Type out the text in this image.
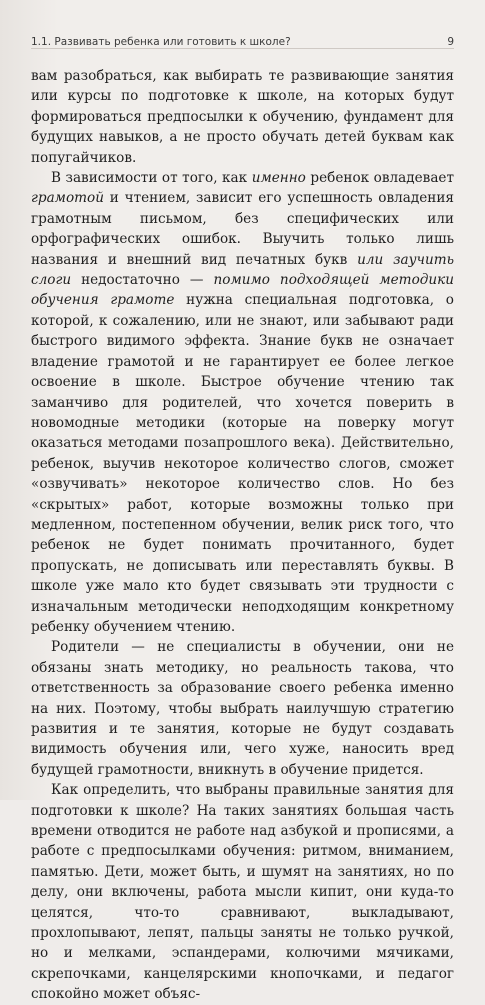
1.1. Развивать ребенка или готовить к школе?	9

вам разобраться, как выбирать те развивающие занятия или курсы по подготовке к школе, на которых будут формироваться предпосылки к обучению, фундамент для будущих навыков, а не просто обучать детей буквам как попугайчиков.

В зависимости от того, как именно ребенок овладевает грамотой и чтением, зависит его успешность овладения грамотным письмом, без специфических или орфографических ошибок. Выучить только лишь названия и внешний вид печатных букв или заучить слоги недостаточно — помимо подходящей методики обучения грамоте нужна специальная подготовка, о которой, к сожалению, или не знают, или забывают ради быстрого видимого эффекта. Знание букв не означает владение грамотой и не гарантирует ее более легкое освоение в школе. Быстрое обучение чтению так заманчиво для родителей, что хочется поверить в новомодные методики (которые на поверку могут оказаться методами позапрошлого века). Действительно, ребенок, выучив некоторое количество слогов, сможет «озвучивать» некоторое количество слов. Но без «скрытых» работ, которые возможны только при медленном, постепенном обучении, велик риск того, что ребенок не будет понимать прочитанного, будет пропускать, не дописывать или переставлять буквы. В школе уже мало кто будет связывать эти трудности с изначальным методически неподходящим конкретному ребенку обучением чтению.

Родители — не специалисты в обучении, они не обязаны знать методику, но реальность такова, что ответственность за образование своего ребенка именно на них. Поэтому, чтобы выбрать наилучшую стратегию развития и те занятия, которые не будут создавать видимость обучения или, чего хуже, наносить вред будущей грамотности, вникнуть в обучение придется.

Как определить, что выбраны правильные занятия для подготовки к школе? На таких занятиях большая часть времени отводится не работе над азбукой и прописями, а работе с предпосылками обучения: ритмом, вниманием, памятью. Дети, может быть, и шумят на занятиях, но по делу, они включены, работа мысли кипит, они куда-то целятся, что-то сравнивают, выкладывают, прохлопывают, лепят, пальцы заняты не только ручкой, но и мелками, эспандерами, колючими мячиками, скрепочками, канцелярскими кнопочками, и педагог спокойно может объяс-
